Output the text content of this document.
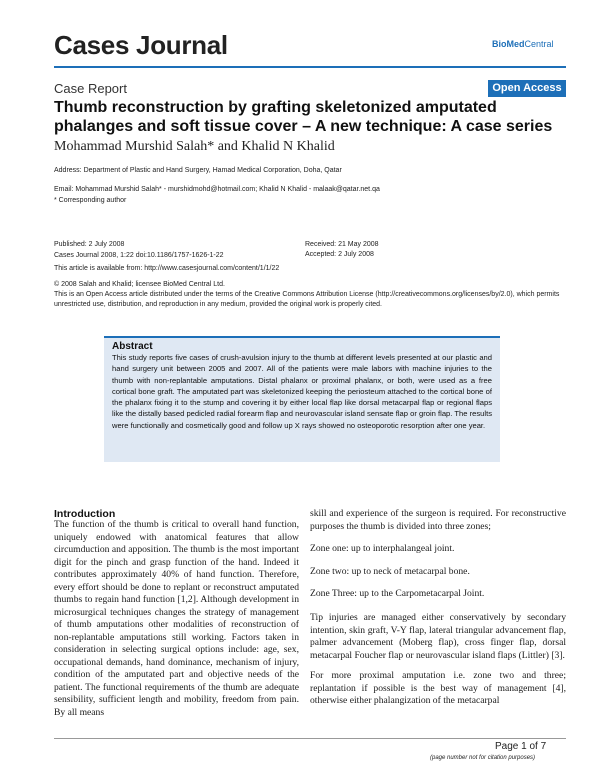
Cases Journal	BioMedCentral
Case Report	Open Access
Thumb reconstruction by grafting skeletonized amputated phalanges and soft tissue cover – A new technique: A case series
Mohammad Murshid Salah* and Khalid N Khalid
Address: Department of Plastic and Hand Surgery, Hamad Medical Corporation, Doha, Qatar
Email: Mohammad Murshid Salah* - murshidmohd@hotmail.com; Khalid N Khalid - malaak@qatar.net.qa
* Corresponding author
Published: 2 July 2008
Cases Journal 2008, 1:22 doi:10.1186/1757-1626-1-22
This article is available from: http://www.casesjournal.com/content/1/1/22
Received: 21 May 2008
Accepted: 2 July 2008
© 2008 Salah and Khalid; licensee BioMed Central Ltd.
This is an Open Access article distributed under the terms of the Creative Commons Attribution License (http://creativecommons.org/licenses/by/2.0), which permits unrestricted use, distribution, and reproduction in any medium, provided the original work is properly cited.
Abstract
This study reports five cases of crush-avulsion injury to the thumb at different levels presented at our plastic and hand surgery unit between 2005 and 2007. All of the patients were male labors with machine injuries to the thumb with non-replantable amputations. Distal phalanx or proximal phalanx, or both, were used as a free cortical bone graft. The amputated part was skeletonized keeping the periosteum attached to the cortical bone of the phalanx fixing it to the stump and covering it by either local flap like dorsal metacarpal flap or regional flaps like the distally based pedicled radial forearm flap and neurovascular island sensate flap or groin flap. The results were functionally and cosmetically good and follow up X rays showed no osteoporotic resorption after one year.
Introduction
The function of the thumb is critical to overall hand function, uniquely endowed with anatomical features that allow circumduction and apposition. The thumb is the most important digit for the pinch and grasp function of the hand. Indeed it contributes approximately 40% of hand function. Therefore, every effort should be done to replant or reconstruct amputated thumbs to regain hand function [1,2]. Although development in microsurgical techniques changes the strategy of management of thumb amputations other modalities of reconstruction of non-replantable amputations still working. Factors taken in consideration in selecting surgical options include: age, sex, occupational demands, hand dominance, mechanism of injury, condition of the amputated part and objective needs of the patient. The functional requirements of the thumb are adequate sensibility, sufficient length and mobility, freedom from pain. By all means
skill and experience of the surgeon is required. For reconstructive purposes the thumb is divided into three zones;
Zone one: up to interphalangeal joint.
Zone two: up to neck of metacarpal bone.
Zone Three: up to the Carpometacarpal Joint.
Tip injuries are managed either conservatively by secondary intention, skin graft, V-Y flap, lateral triangular advancement flap, palmer advancement (Moberg flap), cross finger flap, dorsal metacarpal Foucher flap or neurovascular island flaps (Littler) [3].
For more proximal amputation i.e. zone two and three; replantation if possible is the best way of management [4], otherwise either phalangization of the metacarpal
Page 1 of 7
(page number not for citation purposes)
